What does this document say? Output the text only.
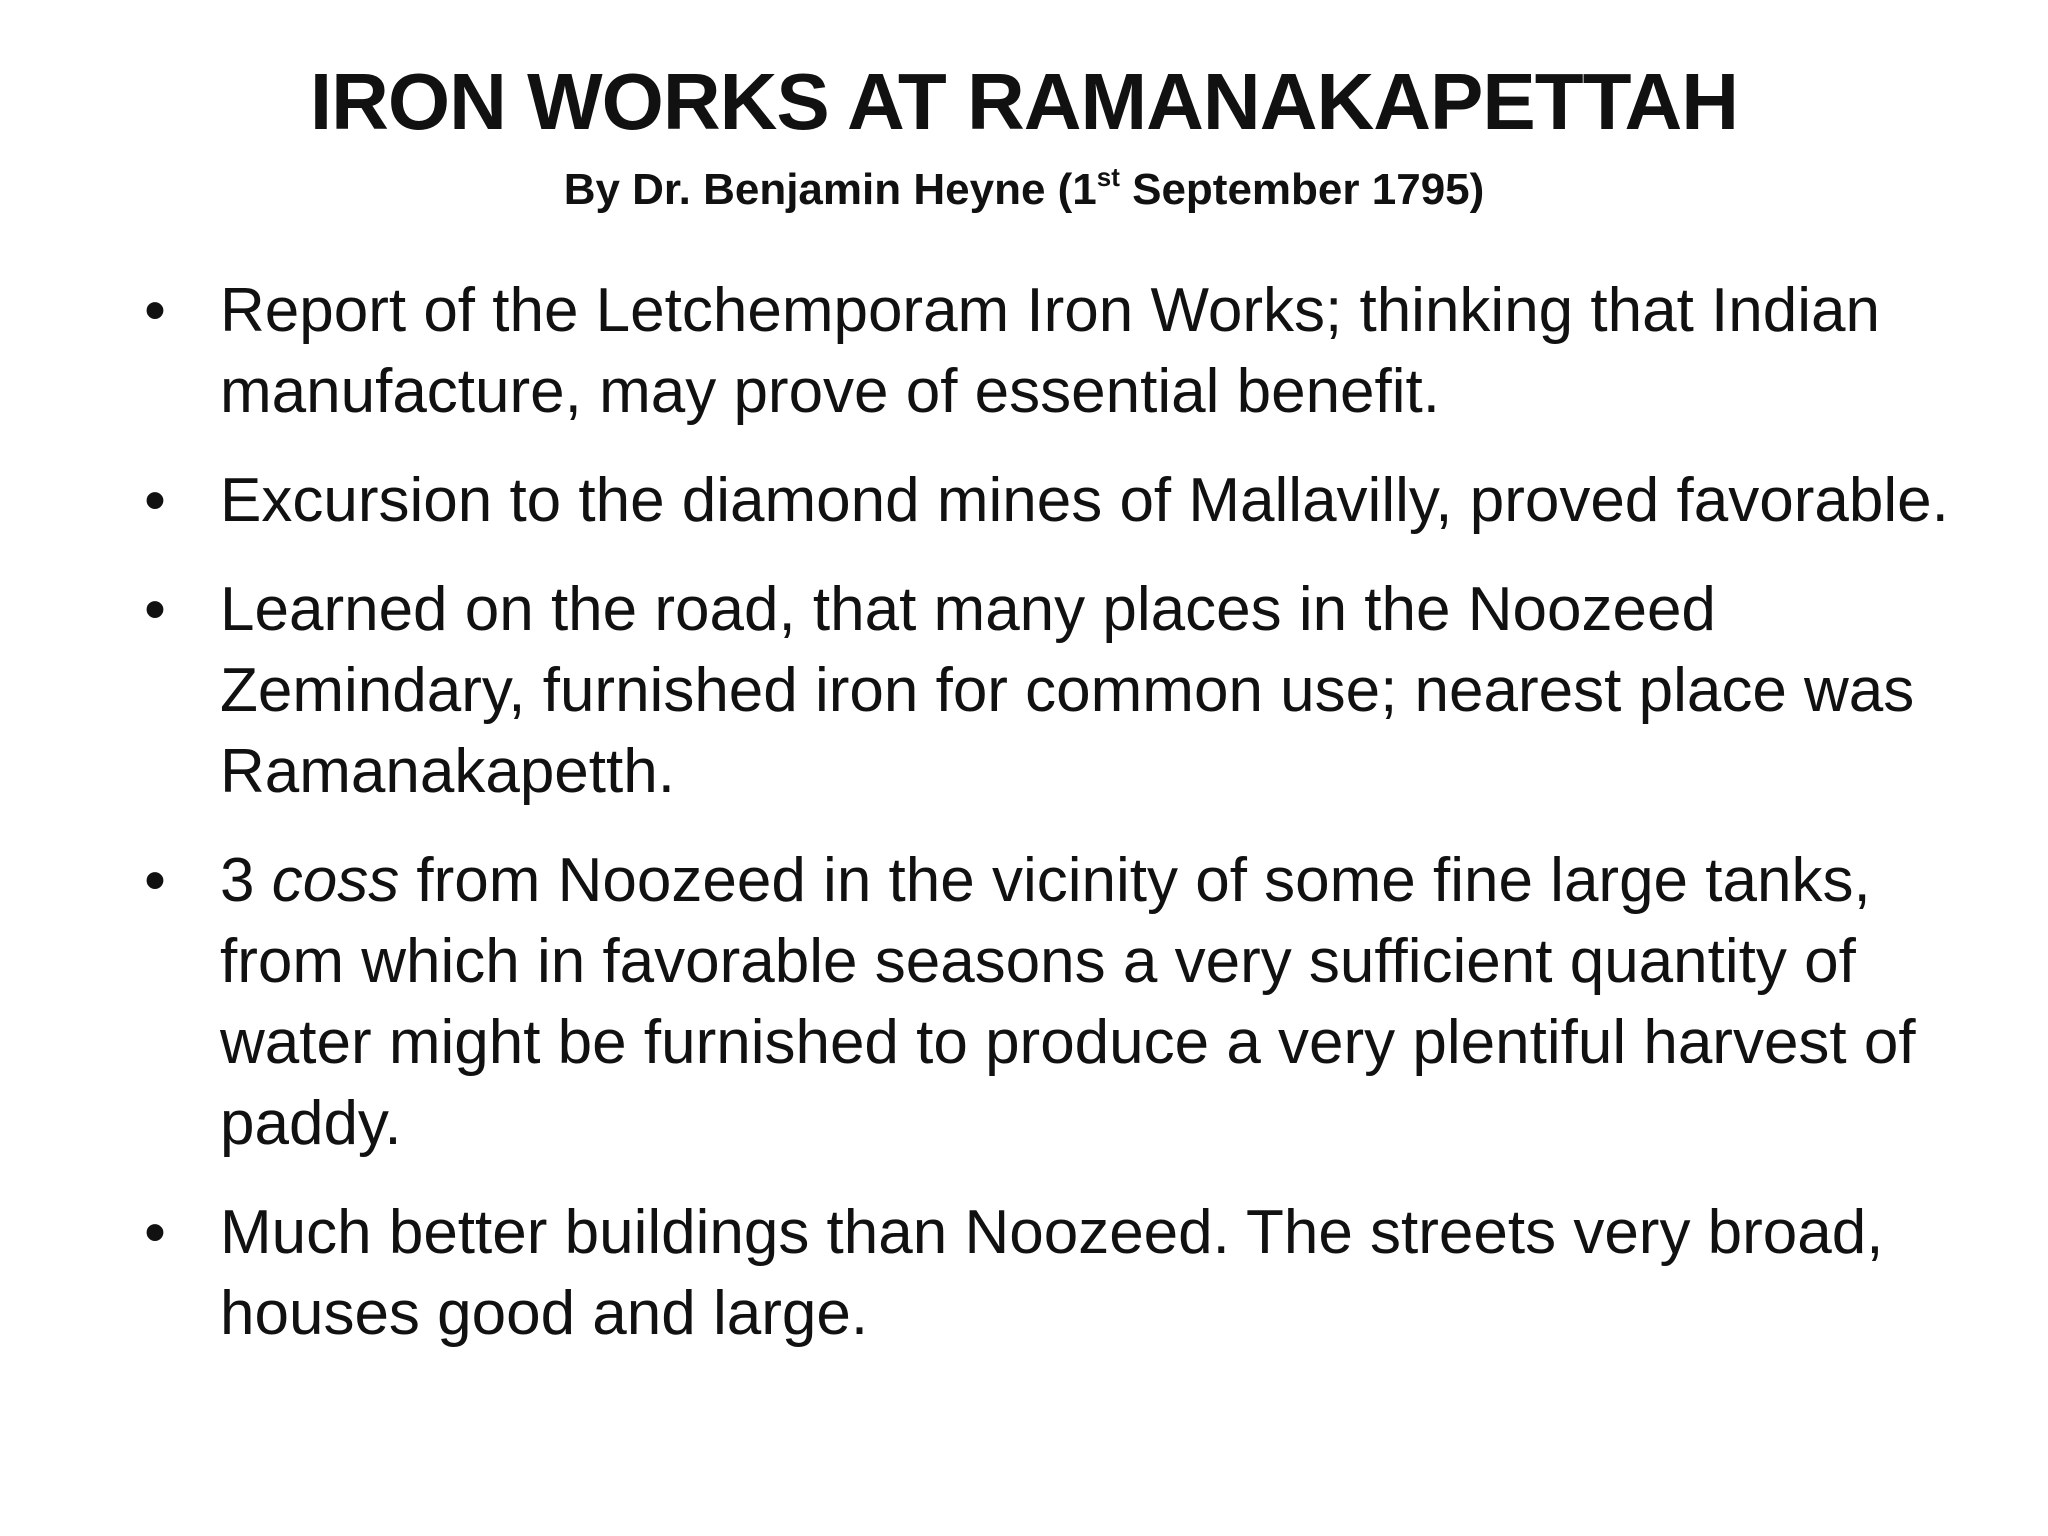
IRON WORKS AT RAMANAKAPETTAH
By Dr. Benjamin Heyne (1st September 1795)
• Report of the Letchemporam Iron Works; thinking that Indian manufacture, may prove of essential benefit.
• Excursion to the diamond mines of Mallavilly, proved favorable.
• Learned on the road, that many places in the Noozeed Zemindary, furnished iron for common use; nearest place was Ramanakapetth.
• 3 coss from Noozeed in the vicinity of some fine large tanks, from which in favorable seasons a very sufficient quantity of water might be furnished to produce a very plentiful harvest of paddy.
• Much better buildings than Noozeed. The streets very broad, houses good and large.
